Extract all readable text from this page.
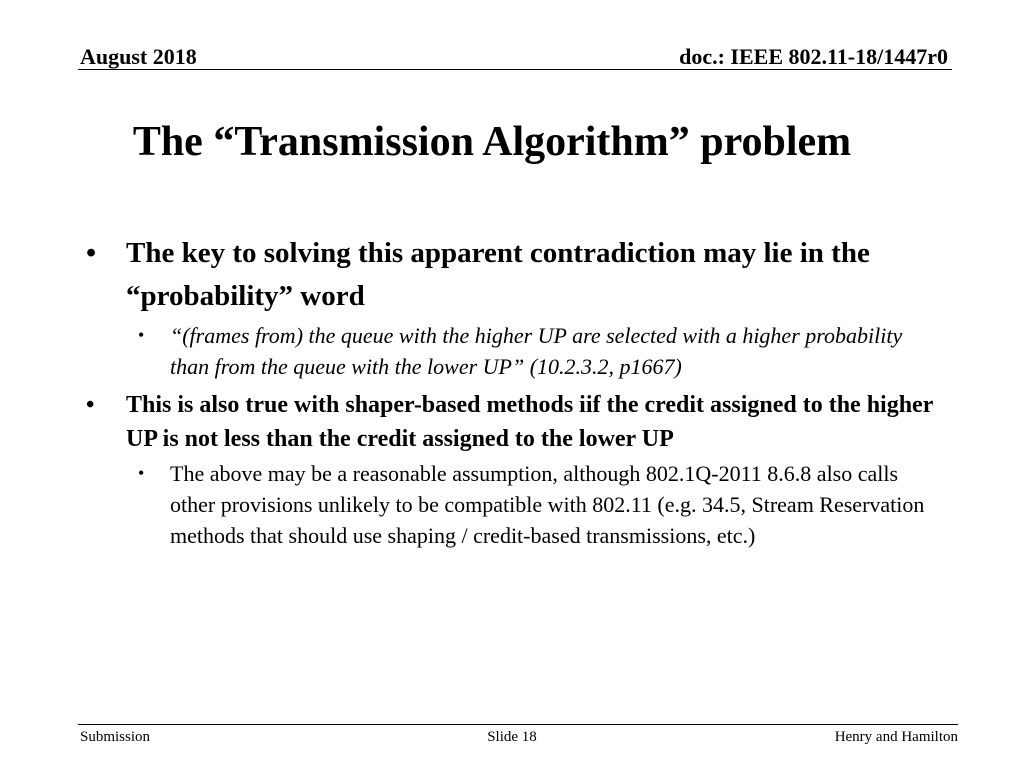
August 2018	doc.: IEEE 802.11-18/1447r0
The “Transmission Algorithm” problem
•	The key to solving this apparent contradiction may lie in the “probability” word
•	“(frames from) the queue with the higher UP are selected with a higher probability than from the queue with the lower UP” (10.2.3.2, p1667)
•	This is also true with shaper-based methods iif the credit assigned to the higher UP is not less than the credit assigned to the lower UP
•	The above may be a reasonable assumption, although 802.1Q-2011 8.6.8 also calls other provisions unlikely to be compatible with 802.11 (e.g. 34.5, Stream Reservation methods that should use shaping / credit-based transmissions, etc.)
Submission	Slide 18	Henry and Hamilton
